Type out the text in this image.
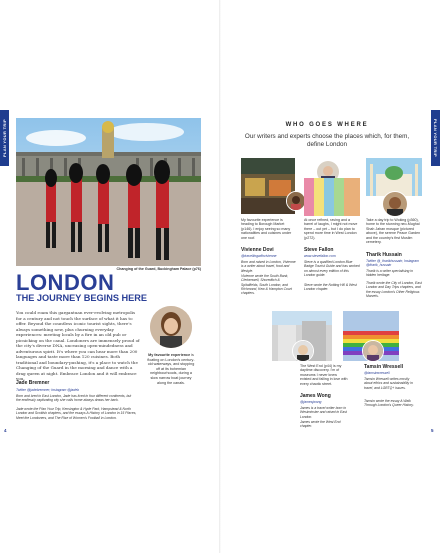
PLAN YOUR TRIP	PLAN YOUR TRIP
Changing of the Guard, Buckingham Palace (p76)
LONDON
THE JOURNEY BEGINS HERE

You could roam this gargantuan ever-evolving metropolis for a century and not touch the surface of what it has to offer. Beyond the countless iconic tourist sights, there's always something new, plus churning everyday experiences: meeting locals by a fire in an old pub or picnicking on the canal. Londoners are immensely proud of the city's diverse DNA, unceasing open-mindedness and adventurous spirit. It's where you can hear more than 200 languages and taste more than 120 cuisines. Both traditional and boundary-pushing, it's a place to watch the Changing of the Guard in the morning and dance with a drag queen at night. Embrace London and it will embrace you.

My favourite experience is floating on London's century-old waterways, and stopping off at its bohemian neighbourhoods, during a slow narrow boat journey along the canals.
Jade Bremner
Twitter @jadebremner; Instagram @jadeb
Born and bred in East London, Jade has lived in four different continents, but the endlessly captivating city she calls home always draws her back.
Jade wrote the Plan Your Trip, Kensington & Hyde Park, Hampstead & North London and Scottish chapters, and the essays A History of London in 15 Places, Meet the Londoners, and The Rise of Women's Football in London.
4
WHO GOES WHERE
Our writers and experts choose the places which, for them, define London
My favourite experience is heading to Borough Market (p146). I enjoy seeing so many nationalities and cuisines under one roof.
Vivienne Dovi
@travellingwithvivienne
Born and raised in London, Vivienne is a writer about travel, food and lifestyle.
Vivienne wrote the South Bank, Clerkenwell, Shoreditch & Spitalfields, South London, and Richmond, Kew & Hampton Court chapters.
At once refined, raving and a barrel of laughs, I might not move there – out yet – but I do plan to spend more time in West London (p272).
Steve Fallon
www.stevefallon.com
Steve is a qualified London Blue Badge Tourist Guide and has worked on almost every edition of this London guide.
Steve wrote the Notting Hill & West London chapter.
Take a day trip to Woking (p360), home to the stunning neo-Mughal Shah Jahan mosque (pictured above), the serene Peace Garden and the country's first Muslim cemetery.
Tharik Hussain
Twitter @_tharikhussain; Instagram @tharik_hussain
Tharik is a writer specialising in hidden heritage.
Tharik wrote the City of London, East London and Day Trips chapters, and the essay London's Other Religious Marvels.
The West End (p44) is my daytime discovery. I'm of museums I never knew existed and falling in love with every chaotic street.
James Wong
@jamesjwong
James is a travel writer born in Westminster and raised in East London.
James wrote the West End chapter.
Tamsin Wressell
@tamsinwressell
Tamsin Wressell writes mostly about ethics and sustainability in travel, and LGBTQ+ issues.
Tamsin wrote the essay A Walk Through London's Queer History.
5
